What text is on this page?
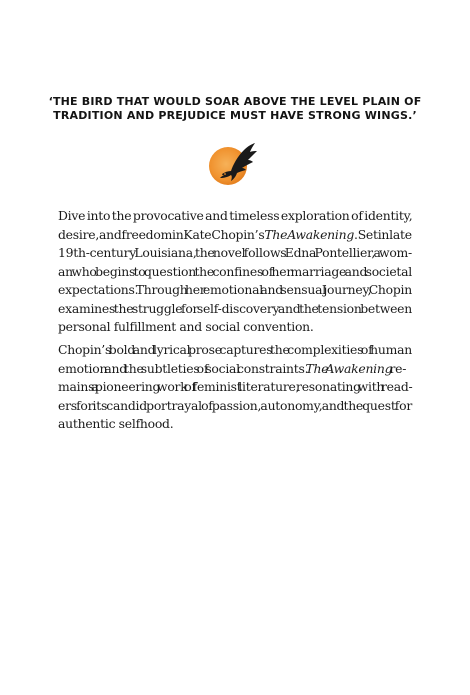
‘THE BIRD THAT WOULD SOAR ABOVE THE LEVEL PLAIN OF
TRADITION AND PREJUDICE MUST HAVE STRONG WINGS.’
Dive into the provocative and timeless exploration of identity,
desire, and freedom in Kate Chopin’s The Awakening. Set in late
19th-century Louisiana, the novel follows Edna Pontellier, a wom-
an who begins to question the confines of her marriage and societal
expectations. Through her emotional and sensual journey, Chopin
examines the struggle for self-discovery and the tension between
personal fulfillment and social convention.
Chopin’s bold and lyrical prose captures the complexities of human
emotion and the subtleties of social constraints. The Awakening re-
mains a pioneering work of feminist literature, resonating with read-
ers for its candid portrayal of passion, autonomy, and the quest for
authentic selfhood.
